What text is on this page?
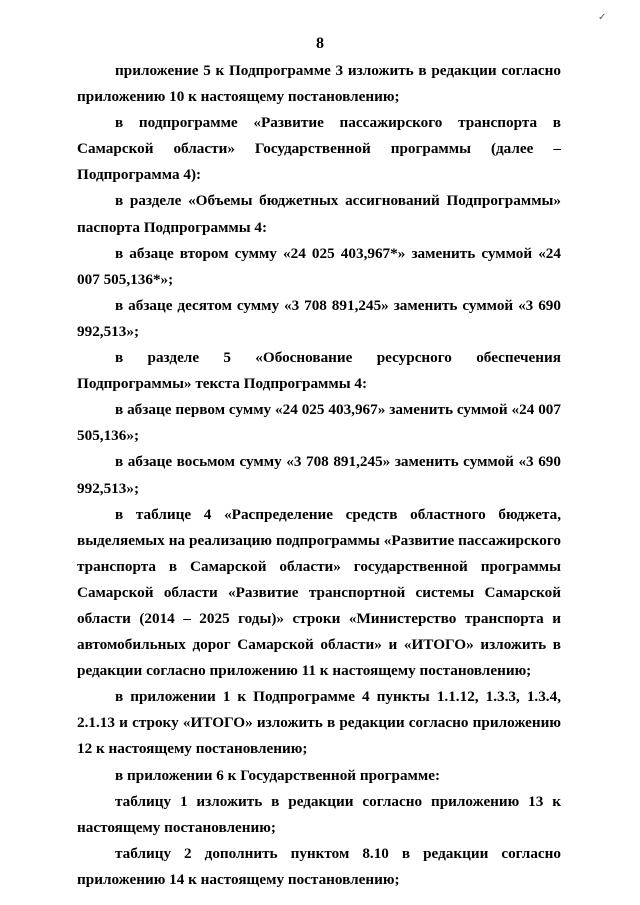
✓
8

приложение 5 к Подпрограмме 3 изложить в редакции согласно приложению 10 к настоящему постановлению;

в подпрограмме «Развитие пассажирского транспорта в Самарской области» Государственной программы (далее – Подпрограмма 4):

в разделе «Объемы бюджетных ассигнований Подпрограммы» паспорта Подпрограммы 4:

в абзаце втором сумму «24 025 403,967*» заменить суммой «24 007 505,136*»;

в абзаце десятом сумму «3 708 891,245» заменить суммой «3 690 992,513»;

в разделе 5 «Обоснование ресурсного обеспечения Подпрограммы» текста Подпрограммы 4:

в абзаце первом сумму «24 025 403,967» заменить суммой «24 007 505,136»;

в абзаце восьмом сумму «3 708 891,245» заменить суммой «3 690 992,513»;

в таблице 4 «Распределение средств областного бюджета, выделяемых на реализацию подпрограммы «Развитие пассажирского транспорта в Самарской области» государственной программы Самарской области «Развитие транспортной системы Самарской области (2014 – 2025 годы)» строки «Министерство транспорта и автомобильных дорог Самарской области» и «ИТОГО» изложить в редакции согласно приложению 11 к настоящему постановлению;

в приложении 1 к Подпрограмме 4 пункты 1.1.12, 1.3.3, 1.3.4, 2.1.13 и строку «ИТОГО» изложить в редакции согласно приложению 12 к настоящему постановлению;

в приложении 6 к Государственной программе:

таблицу 1 изложить в редакции согласно приложению 13 к настоящему постановлению;

таблицу 2 дополнить пунктом 8.10 в редакции согласно приложению 14 к настоящему постановлению;
